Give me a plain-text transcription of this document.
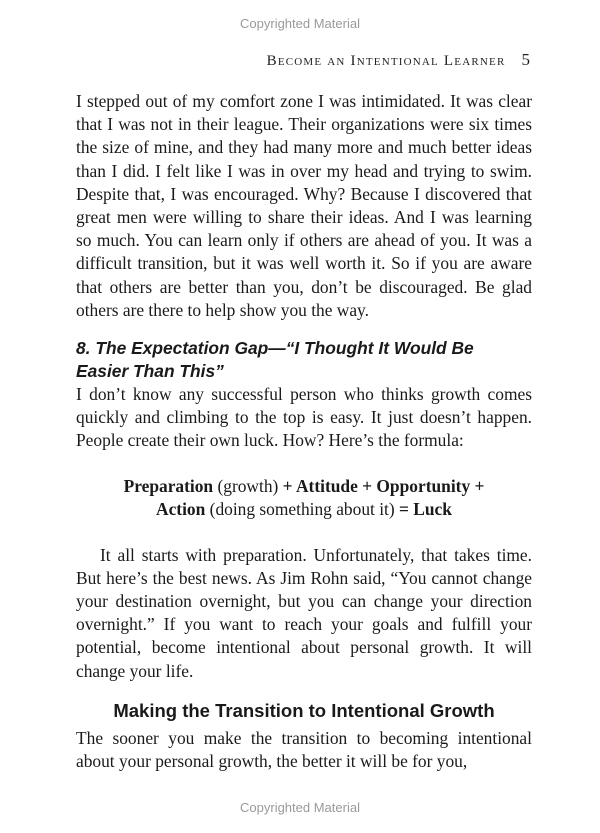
Copyrighted Material
Become an Intentional Learner 5

I stepped out of my comfort zone I was intimidated. It was clear that I was not in their league. Their organizations were six times the size of mine, and they had many more and much better ideas than I did. I felt like I was in over my head and trying to swim. Despite that, I was encouraged. Why? Because I discovered that great men were willing to share their ideas. And I was learning so much. You can learn only if others are ahead of you. It was a difficult transition, but it was well worth it. So if you are aware that others are better than you, don’t be discouraged. Be glad others are there to help show you the way.

8. The Expectation Gap—“I Thought It Would Be
Easier Than This”

I don’t know any successful person who thinks growth comes quickly and climbing to the top is easy. It just doesn’t happen. People create their own luck. How? Here’s the formula:

Preparation (growth) + Attitude + Opportunity +
Action (doing something about it) = Luck

It all starts with preparation. Unfortunately, that takes time. But here’s the best news. As Jim Rohn said, “You cannot change your destination overnight, but you can change your direction overnight.” If you want to reach your goals and fulfill your potential, become intentional about personal growth. It will change your life.

Making the Transition to Intentional Growth

The sooner you make the transition to becoming intentional about your personal growth, the better it will be for you,

Copyrighted Material
